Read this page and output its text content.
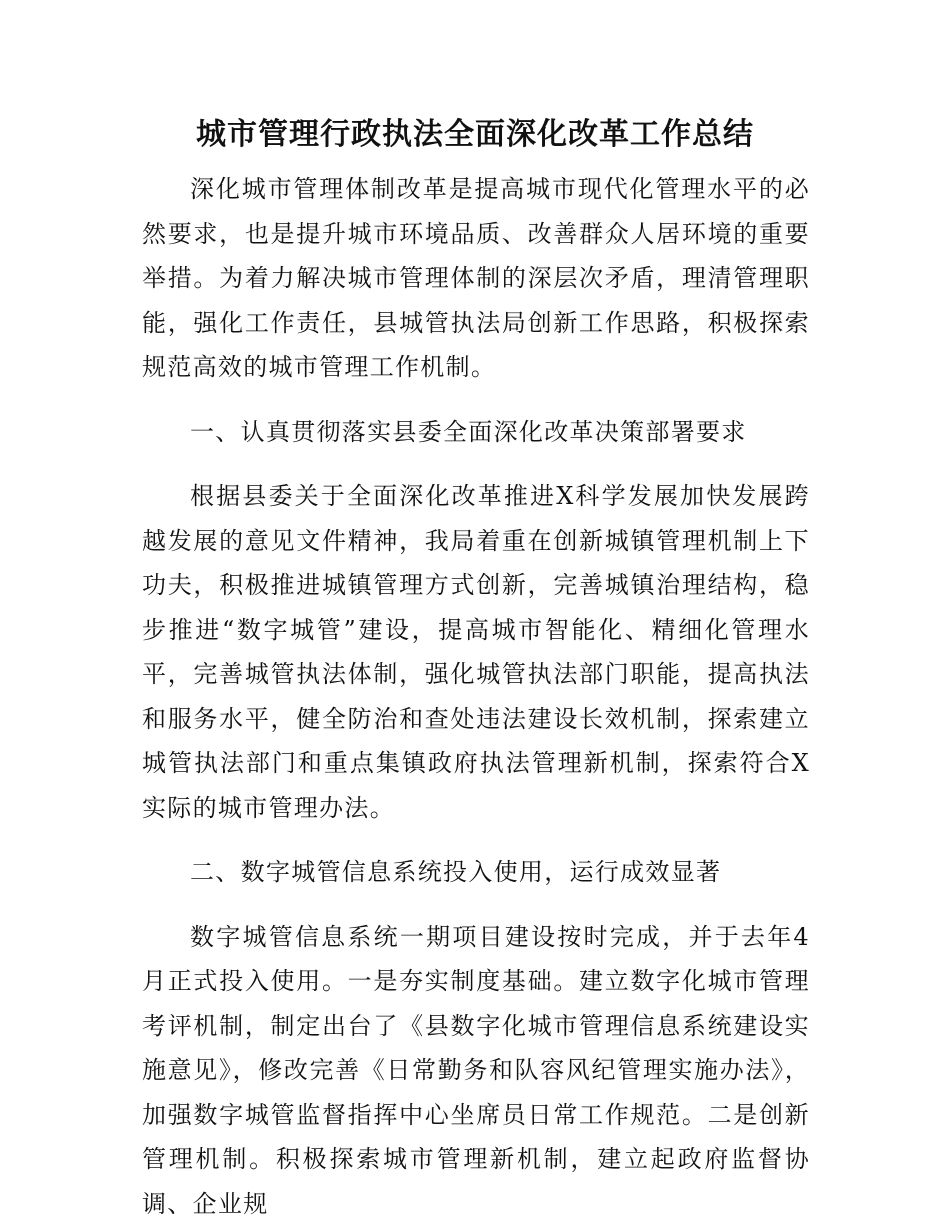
城市管理行政执法全面深化改革工作总结

深化城市管理体制改革是提高城市现代化管理水平的必然要求，也是提升城市环境品质、改善群众人居环境的重要举措。为着力解决城市管理体制的深层次矛盾，理清管理职能，强化工作责任，县城管执法局创新工作思路，积极探索规范高效的城市管理工作机制。

一、认真贯彻落实县委全面深化改革决策部署要求

根据县委关于全面深化改革推进X科学发展加快发展跨越发展的意见文件精神，我局着重在创新城镇管理机制上下功夫，积极推进城镇管理方式创新，完善城镇治理结构，稳步推进“数字城管”建设，提高城市智能化、精细化管理水平，完善城管执法体制，强化城管执法部门职能，提高执法和服务水平，健全防治和查处违法建设长效机制，探索建立城管执法部门和重点集镇政府执法管理新机制，探索符合X实际的城市管理办法。

二、数字城管信息系统投入使用，运行成效显著

数字城管信息系统一期项目建设按时完成，并于去年4月正式投入使用。一是夯实制度基础。建立数字化城市管理考评机制，制定出台了《县数字化城市管理信息系统建设实施意见》，修改完善《日常勤务和队容风纪管理实施办法》，加强数字城管监督指挥中心坐席员日常工作规范。二是创新管理机制。积极探索城市管理新机制，建立起政府监督协调、企业规
